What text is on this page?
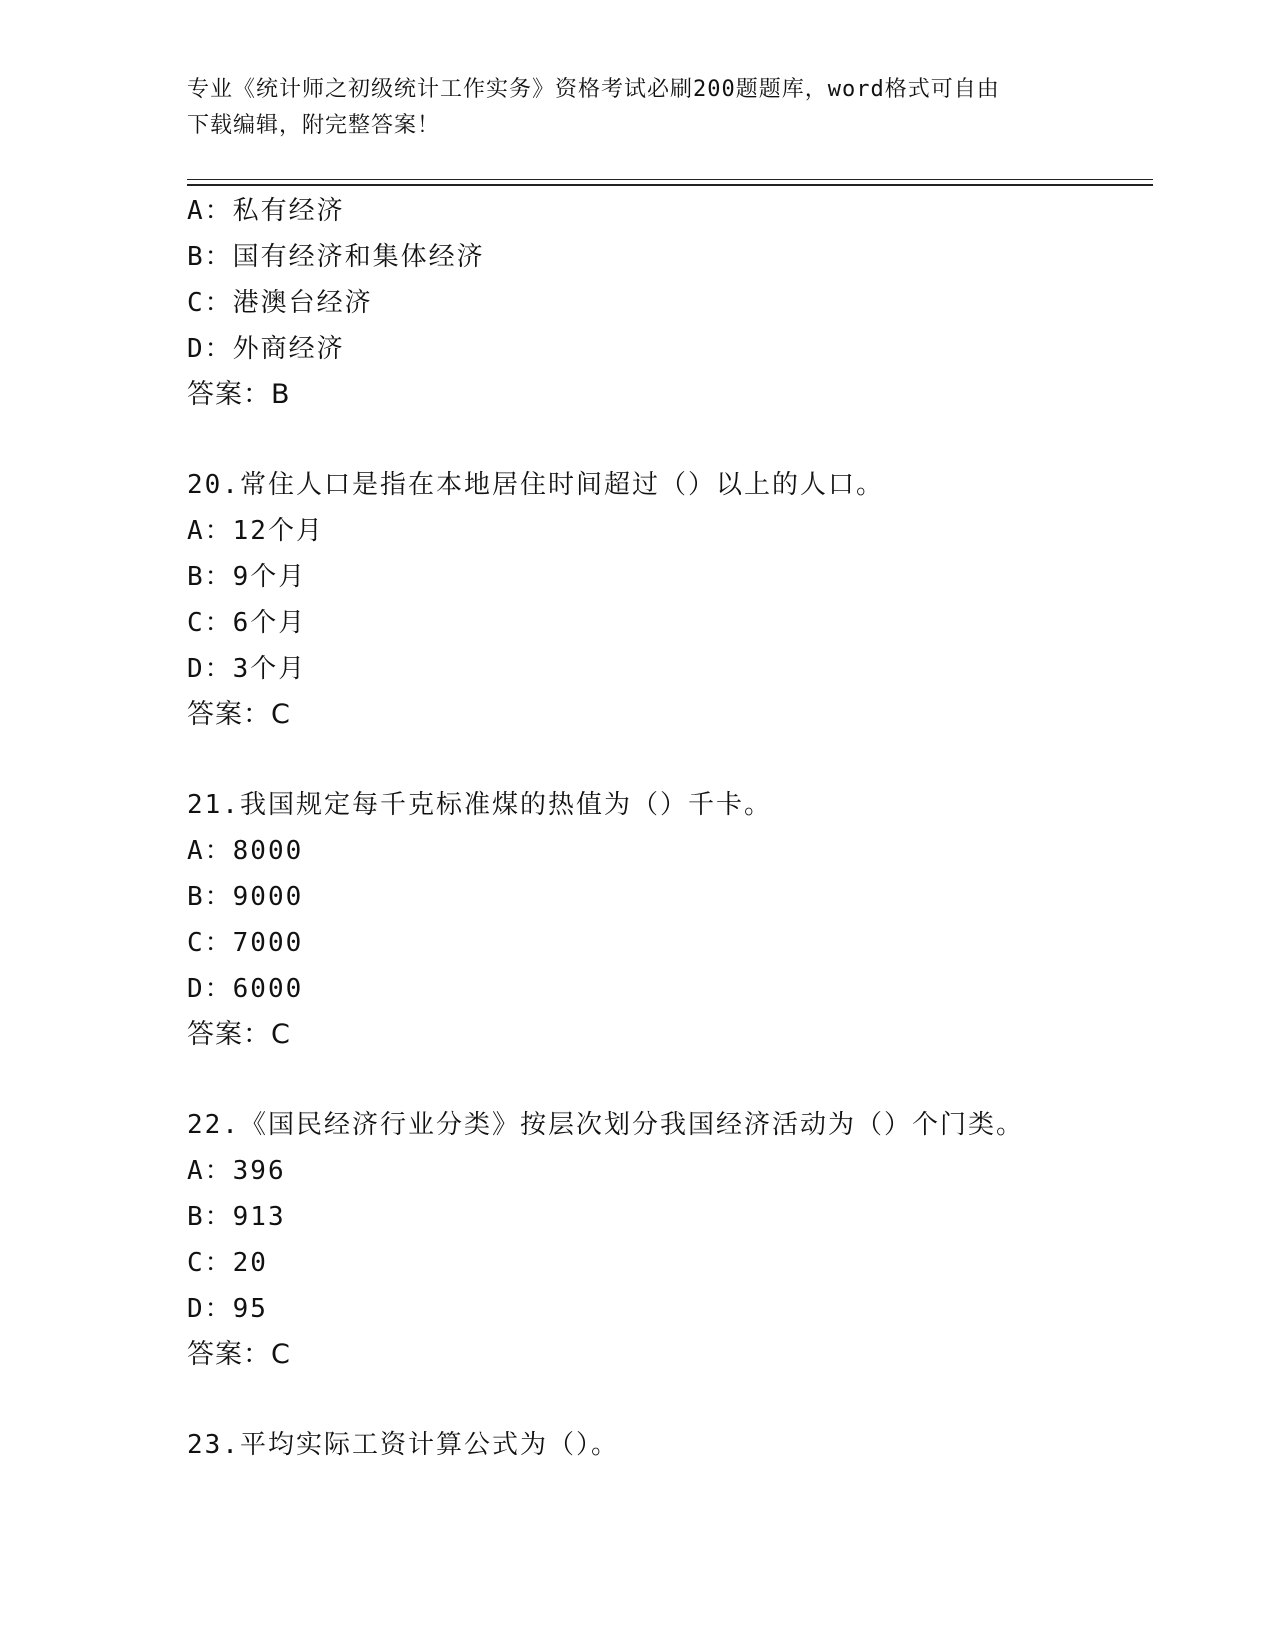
专业《统计师之初级统计工作实务》资格考试必刷200题题库，word格式可自由
下载编辑，附完整答案！
A：私有经济
B：国有经济和集体经济
C：港澳台经济
D：外商经济
答案：B
20.常住人口是指在本地居住时间超过（）以上的人口。
A：12个月
B：9个月
C：6个月
D：3个月
答案：C
21.我国规定每千克标准煤的热值为（）千卡。
A：8000
B：9000
C：7000
D：6000
答案：C
22.《国民经济行业分类》按层次划分我国经济活动为（）个门类。
A：396
B：913
C：20
D：95
答案：C
23.平均实际工资计算公式为（）。
